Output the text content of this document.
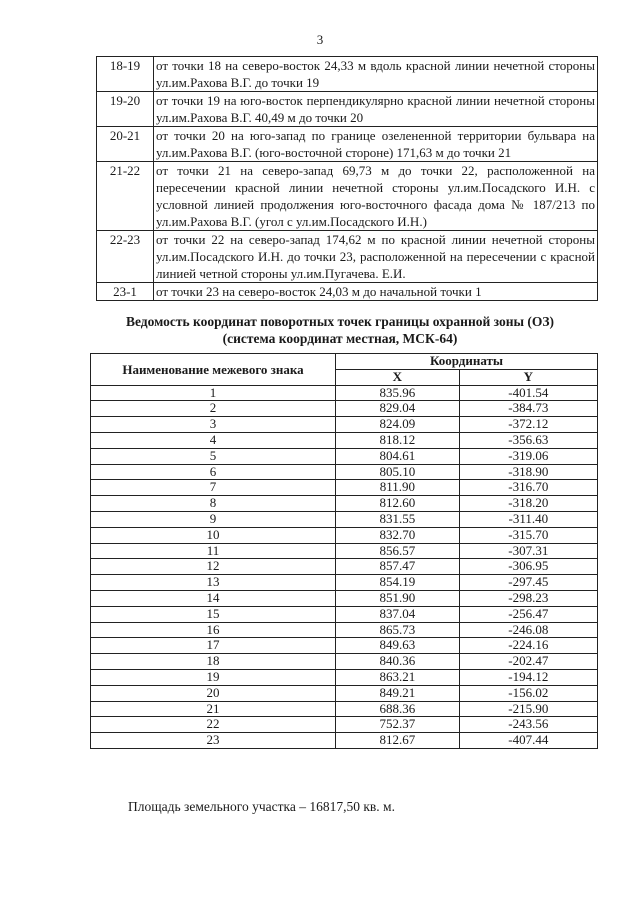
3
18-19	от точки 18 на северо-восток 24,33 м вдоль красной линии нечетной стороны ул.им.Рахова В.Г. до точки 19
19-20	от точки 19 на юго-восток перпендикулярно красной линии нечетной стороны ул.им.Рахова В.Г. 40,49 м до точки 20
20-21	от точки 20 на юго-запад по границе озелененной территории бульвара на ул.им.Рахова В.Г. (юго-восточной стороне) 171,63 м до точки 21
21-22	от точки 21 на северо-запад 69,73 м до точки 22, расположенной на пересечении красной линии нечетной стороны ул.им.Посадского И.Н. с условной линией продолжения юго-восточного фасада дома № 187/213 по ул.им.Рахова В.Г. (угол с ул.им.Посадского И.Н.)
22-23	от точки 22 на северо-запад 174,62 м по красной линии нечетной стороны ул.им.Посадского И.Н. до точки 23, расположенной на пересечении с красной линией четной стороны ул.им.Пугачева. Е.И.
23-1	от точки 23 на северо-восток 24,03 м до начальной точки 1
Ведомость координат поворотных точек границы охранной зоны (ОЗ)
(система координат местная, МСК-64)
Наименование межевого знака	Координаты	
	X	Y
1	835.96	-401.54
2	829.04	-384.73
3	824.09	-372.12
4	818.12	-356.63
5	804.61	-319.06
6	805.10	-318.90
7	811.90	-316.70
8	812.60	-318.20
9	831.55	-311.40
10	832.70	-315.70
11	856.57	-307.31
12	857.47	-306.95
13	854.19	-297.45
14	851.90	-298.23
15	837.04	-256.47
16	865.73	-246.08
17	849.63	-224.16
18	840.36	-202.47
19	863.21	-194.12
20	849.21	-156.02
21	688.36	-215.90
22	752.37	-243.56
23	812.67	-407.44
Площадь земельного участка – 16817,50 кв. м.
